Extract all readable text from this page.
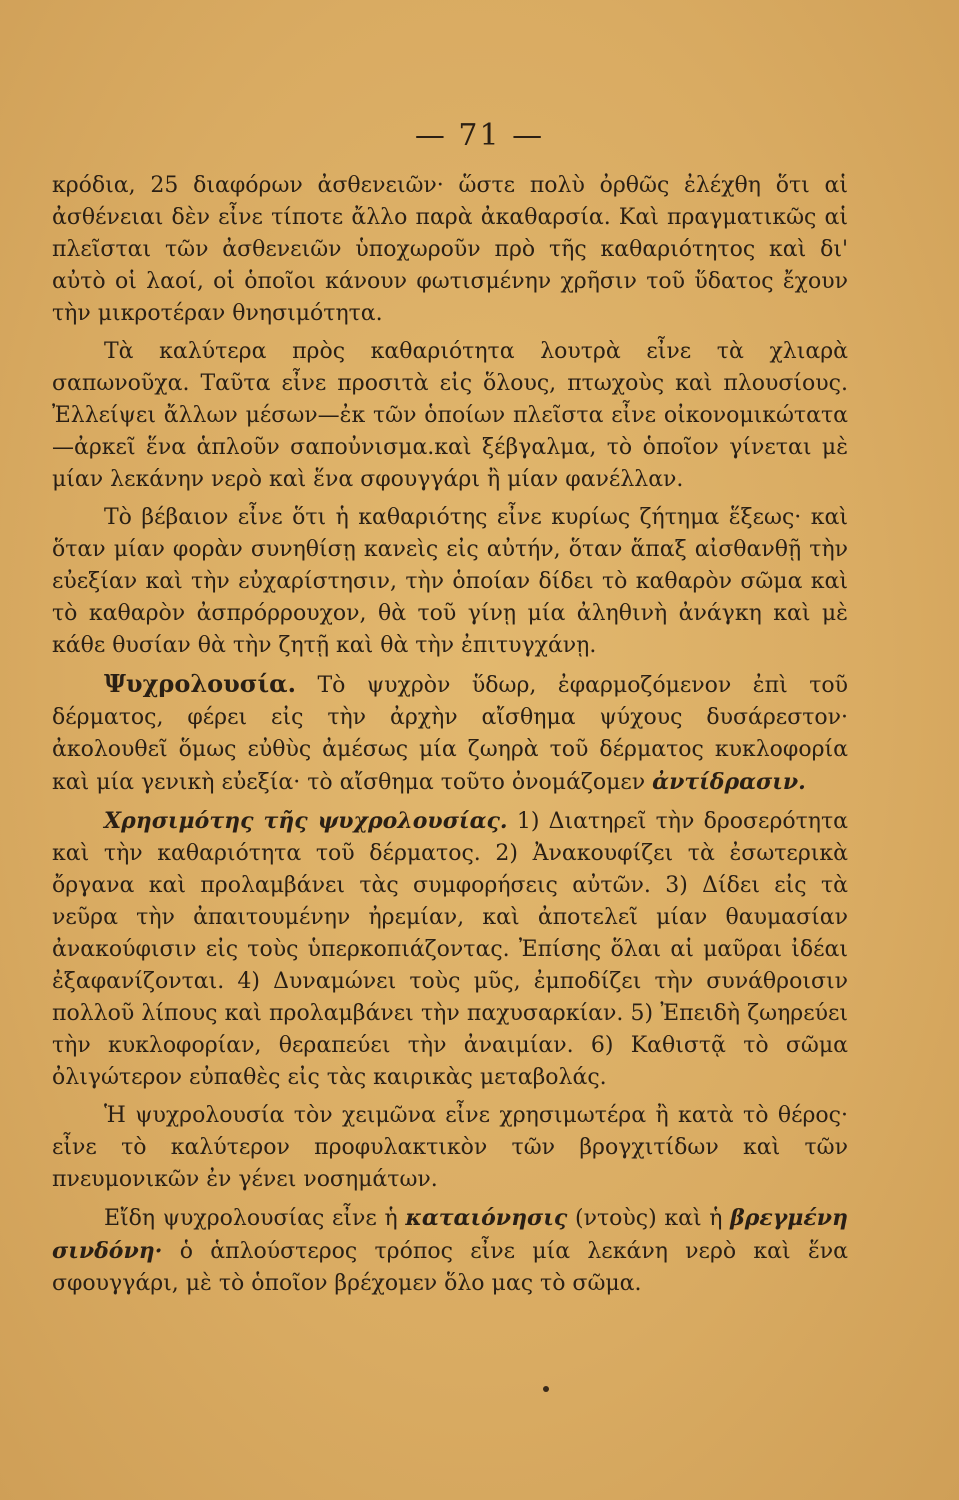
— 71 —

κρόδια, 25 διαφόρων ἀσθενειῶν· ὥστε πολὺ ὀρθῶς ἐλέχθη ὅτι αἱ ἀσθένειαι δὲν εἶνε τίποτε ἄλλο παρὰ ἀκαθαρσία. Καὶ πραγματικῶς αἱ πλεῖσται τῶν ἀσθενειῶν ὑποχωροῦν πρὸ τῆς καθαριότητος καὶ δι' αὐτὸ οἱ λαοί, οἱ ὁποῖοι κάνουν φωτισμένην χρῆσιν τοῦ ὕδατος ἔχουν τὴν μικροτέραν θνησιμότητα.

Τὰ καλύτερα πρὸς καθαριότητα λουτρὰ εἶνε τὰ χλιαρὰ σαπωνοῦχα. Ταῦτα εἶνε προσιτὰ εἰς ὅλους, πτωχοὺς καὶ πλουσίους. Ἐλλείψει ἄλλων μέσων—ἐκ τῶν ὁποίων πλεῖστα εἶνε οἰκονομικώτατα—ἀρκεῖ ἕνα ἁπλοῦν σαποὐνισμα.καὶ ξέβγαλμα, τὸ ὁποῖον γίνεται μὲ μίαν λεκάνην νερὸ καὶ ἕνα σφουγγάρι ἢ μίαν φανέλλαν.

Τὸ βέβαιον εἶνε ὅτι ἡ καθαριότης εἶνε κυρίως ζήτημα ἕξεως· καὶ ὅταν μίαν φορὰν συνηθίσῃ κανεὶς εἰς αὐτήν, ὅταν ἅπαξ αἰσθανθῇ τὴν εὐεξίαν καὶ τὴν εὐχαρίστησιν, τὴν ὁποίαν δίδει τὸ καθαρὸν σῶμα καὶ τὸ καθαρὸν ἀσπρόρρουχον, θὰ τοῦ γίνῃ μία ἀληθινὴ ἀνάγκη καὶ μὲ κάθε θυσίαν θὰ τὴν ζητῇ καὶ θὰ τὴν ἐπιτυγχάνῃ.

Ψυχρολουσία. Τὸ ψυχρὸν ὕδωρ, ἐφαρμοζόμενον ἐπὶ τοῦ δέρματος, φέρει εἰς τὴν ἀρχὴν αἴσθημα ψύχους δυσάρεστον· ἀκολουθεῖ ὅμως εὐθὺς ἀμέσως μία ζωηρὰ τοῦ δέρματος κυκλοφορία καὶ μία γενικὴ εὐεξία· τὸ αἴσθημα τοῦτο ὀνομάζομεν ἀντίδρασιν.

Χρησιμότης τῆς ψυχρολουσίας. 1) Διατηρεῖ τὴν δροσερότητα καὶ τὴν καθαριότητα τοῦ δέρματος. 2) Ἀνακουφίζει τὰ ἐσωτερικὰ ὄργανα καὶ προλαμβάνει τὰς συμφορήσεις αὐτῶν. 3) Δίδει εἰς τὰ νεῦρα τὴν ἀπαιτουμένην ἠρεμίαν, καὶ ἀποτελεῖ μίαν θαυμασίαν ἀνακούφισιν εἰς τοὺς ὑπερκοπιάζοντας. Ἐπίσης ὅλαι αἱ μαῦραι ἰδέαι ἐξαφανίζονται. 4) Δυναμώνει τοὺς μῦς, ἐμποδίζει τὴν συνάθροισιν πολλοῦ λίπους καὶ προλαμβάνει τὴν παχυσαρκίαν. 5) Ἐπειδὴ ζωηρεύει τὴν κυκλοφορίαν, θεραπεύει τὴν ἀναιμίαν. 6) Καθιστᾷ τὸ σῶμα ὀλιγώτερον εὐπαθὲς εἰς τὰς καιρικὰς μεταβολάς.

Ἡ ψυχρολουσία τὸν χειμῶνα εἶνε χρησιμωτέρα ἢ κατὰ τὸ θέρος· εἶνε τὸ καλύτερον προφυλακτικὸν τῶν βρογχιτίδων καὶ τῶν πνευμονικῶν ἐν γένει νοσημάτων.

Εἴδη ψυχρολουσίας εἶνε ἡ καταιόνησις (ντοὺς) καὶ ἡ βρεγμένη σινδόνη· ὁ ἁπλούστερος τρόπος εἶνε μία λεκάνη νερὸ καὶ ἕνα σφουγγάρι, μὲ τὸ ὁποῖον βρέχομεν ὅλο μας τὸ σῶμα.
